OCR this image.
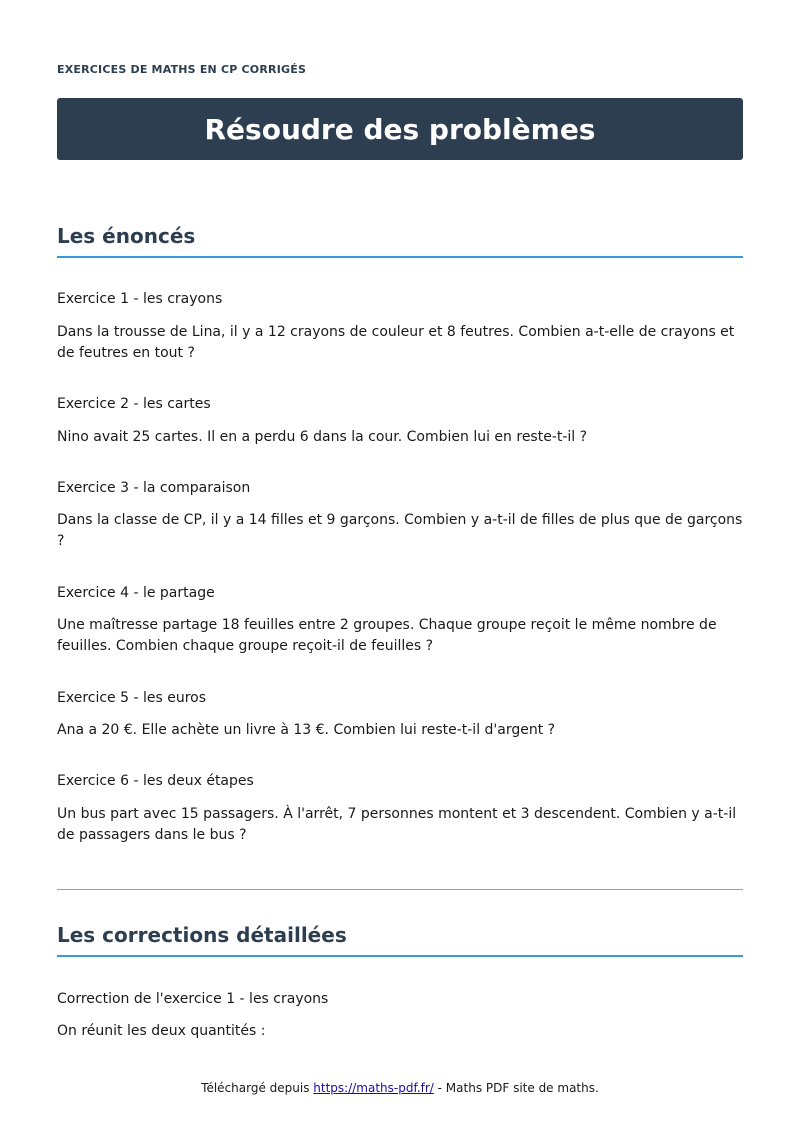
EXERCICES DE MATHS EN CP CORRIGÉS
Résoudre des problèmes
Les énoncés
Exercice 1 - les crayons
Dans la trousse de Lina, il y a 12 crayons de couleur et 8 feutres. Combien a-t-elle de crayons et de feutres en tout ?
Exercice 2 - les cartes
Nino avait 25 cartes. Il en a perdu 6 dans la cour. Combien lui en reste-t-il ?
Exercice 3 - la comparaison
Dans la classe de CP, il y a 14 filles et 9 garçons. Combien y a-t-il de filles de plus que de garçons ?
Exercice 4 - le partage
Une maîtresse partage 18 feuilles entre 2 groupes. Chaque groupe reçoit le même nombre de feuilles. Combien chaque groupe reçoit-il de feuilles ?
Exercice 5 - les euros
Ana a 20 €. Elle achète un livre à 13 €. Combien lui reste-t-il d'argent ?
Exercice 6 - les deux étapes
Un bus part avec 15 passagers. À l'arrêt, 7 personnes montent et 3 descendent. Combien y a-t-il de passagers dans le bus ?
Les corrections détaillées
Correction de l'exercice 1 - les crayons
On réunit les deux quantités :
Téléchargé depuis https://maths-pdf.fr/ - Maths PDF site de maths.
